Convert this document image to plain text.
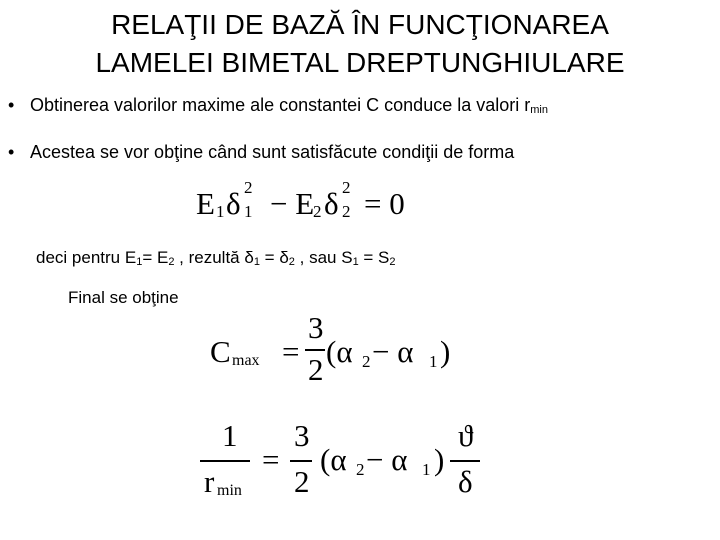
RELAŢII DE BAZĂ ÎN FUNCŢIONAREA
LAMELEI BIMETAL DREPTUNGHIULARE
• Obtinerea valorilor maxime ale constantei C conduce la valori $r_{min}$
• Acestea se vor obţine când sunt satisfăcute condiţii de forma
E 1 δ 2
1 − E
2 δ 2
2 = 0
deci pentru $E_1= E_2$ , rezultă $\delta_1 = \delta_2$ , sau $S_1 = S_2$
Final se obţine
C max =
3
2
(α 2 − α 1 )
1
r min
=
3
2
(α 2 − α 1 )
ϑ
δ
